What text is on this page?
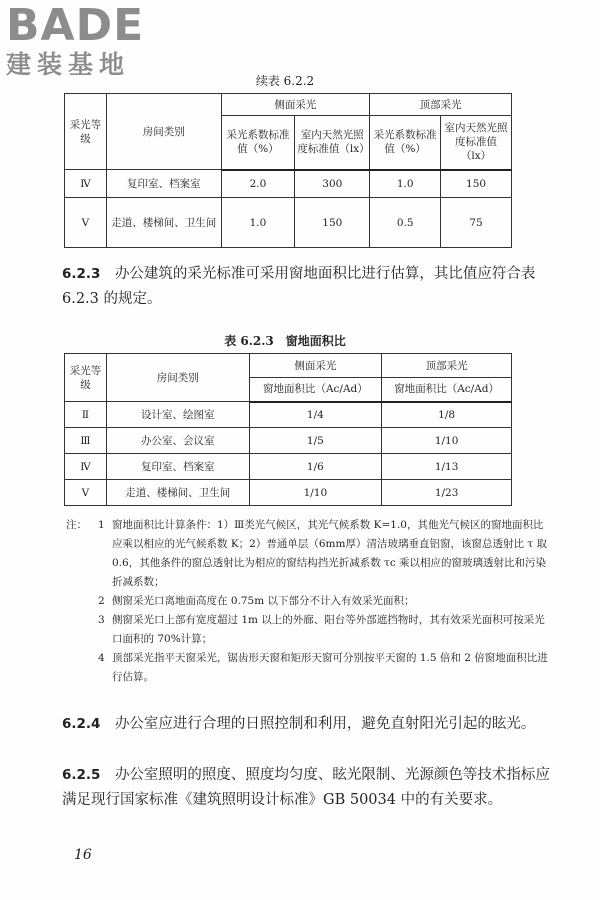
BADE
建装基地
续表 6.2.2
采光等级	房间类别	侧面采光		顶部采光	
		采光系数标准值（%）	室内天然光照度标准值（lx）	采光系数标准值（%）	室内天然光照度标准值（lx）
Ⅳ	复印室、档案室	2.0	300	1.0	150
Ⅴ	走道、楼梯间、卫生间	1.0	150	0.5	75
6.2.3　 办公建筑的采光标准可采用窗地面积比进行估算，其比值应符合表 6.2.3 的规定。
表 6.2.3　窗地面积比
采光等级	房间类别	侧面采光	顶部采光
		窗地面积比（Ac/Ad）	窗地面积比（Ac/Ad）
Ⅱ	设计室、绘图室	1/4	1/8
Ⅲ	办公室、会议室	1/5	1/10
Ⅳ	复印室、档案室	1/6	1/13
Ⅴ	走道、楼梯间、卫生间	1/10	1/23
注： 1 窗地面积比计算条件：1）Ⅲ类光气候区，其光气候系数 K=1.0，其他光气候区的窗地面积比应乘以相应的光气候系数 K；2）普通单层（6mm厚）清洁玻璃垂直铝窗，该窗总透射比 τ 取 0.6，其他条件的窗总透射比为相应的窗结构挡光折减系数 τc 乘以相应的窗玻璃透射比和污染折减系数；
2 侧窗采光口离地面高度在 0.75m 以下部分不计入有效采光面积；
3 侧窗采光口上部有宽度超过 1m 以上的外廊、阳台等外部遮挡物时，其有效采光面积可按采光口面积的 70%计算；
4 顶部采光指平天窗采光，锯齿形天窗和矩形天窗可分别按平天窗的 1.5 倍和 2 倍窗地面积比进行估算。
6.2.4　 办公室应进行合理的日照控制和利用，避免直射阳光引起的眩光。
6.2.5　 办公室照明的照度、照度均匀度、眩光限制、光源颜色等技术指标应满足现行国家标准《建筑照明设计标准》GB 50034 中的有关要求。
16
